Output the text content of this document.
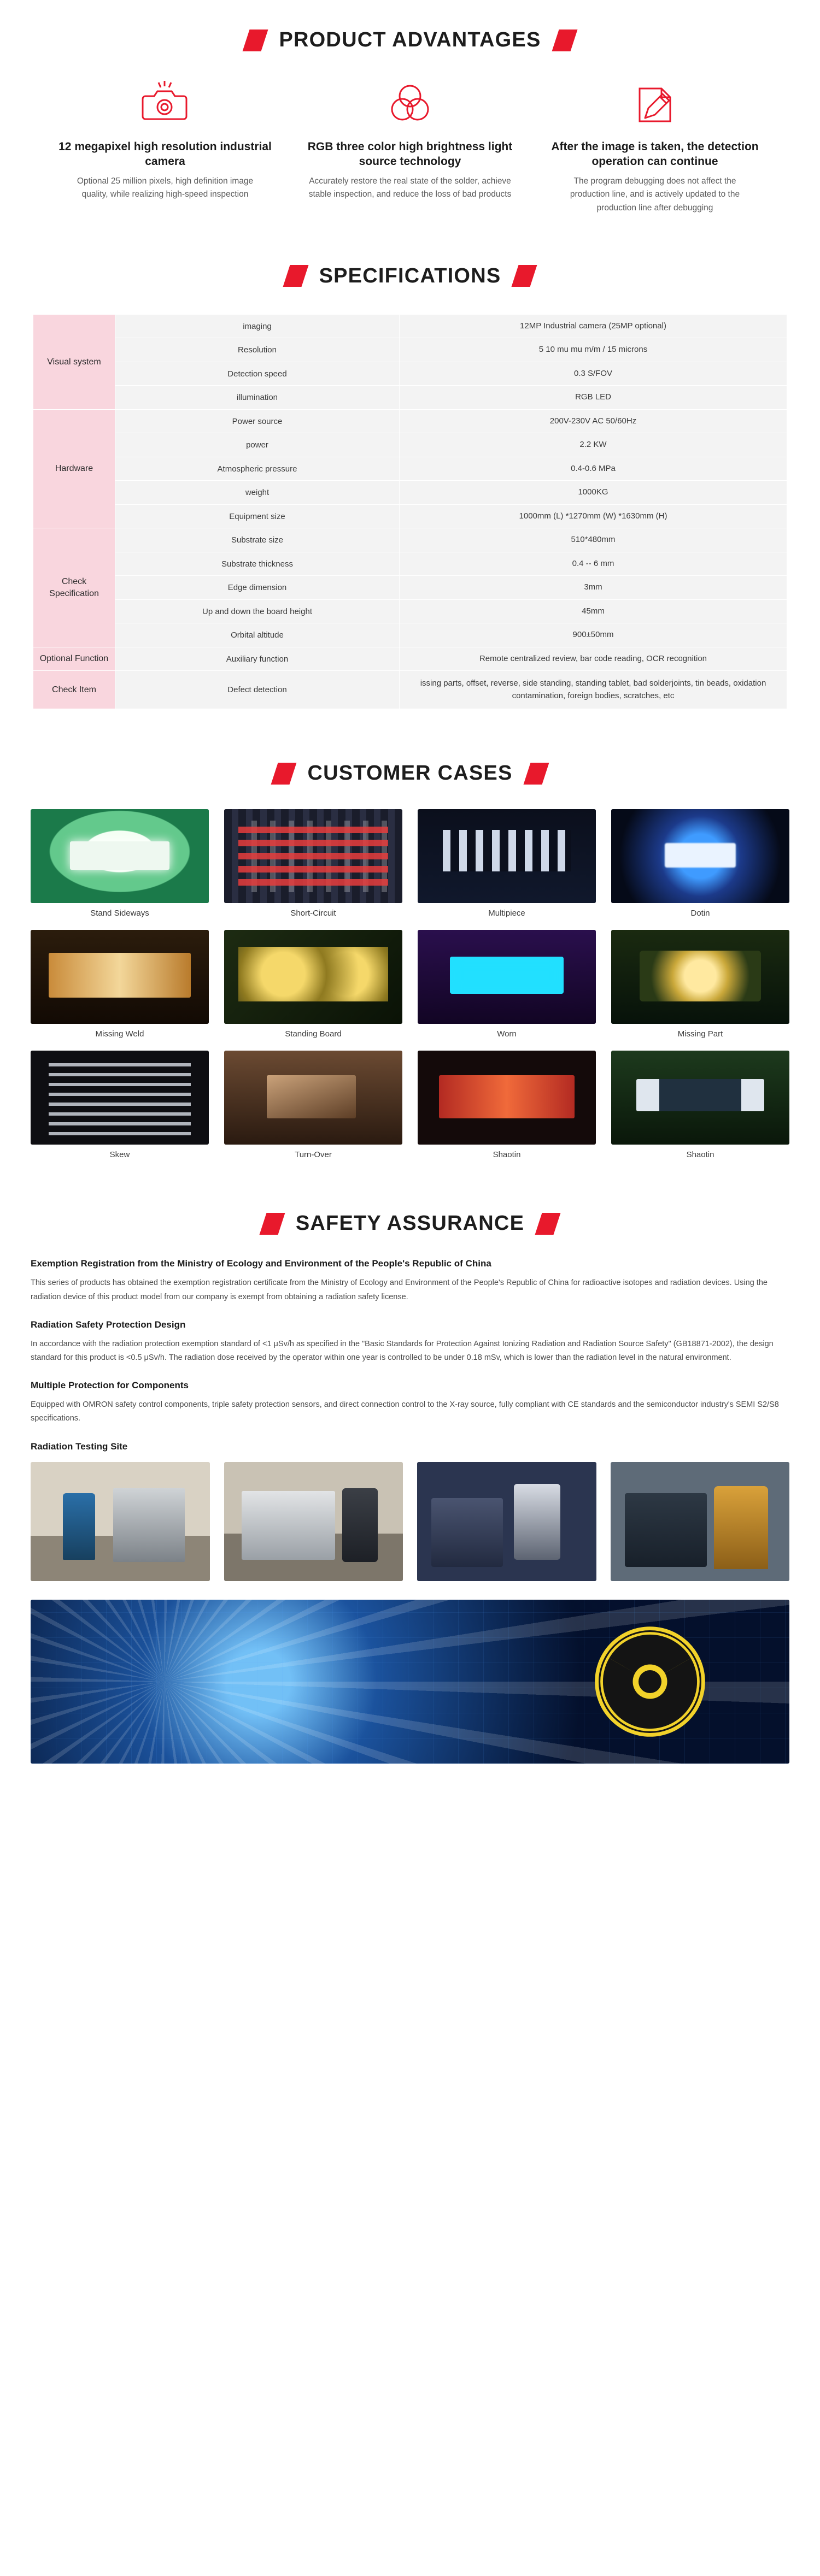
PRODUCT ADVANTAGES
12 megapixel high resolution industrial camera
Optional 25 million pixels, high definition image quality, while realizing high-speed inspection
RGB three color high brightness light source technology
Accurately restore the real state of the solder, achieve stable inspection, and reduce the loss of bad products
After the image is taken, the detection operation can continue
The program debugging does not affect the production line, and is actively updated to the production line after debugging
SPECIFICATIONS
Visual system	imaging	12MP Industrial camera (25MP optional)
	Resolution	5 10 mu mu m/m / 15 microns
	Detection speed	0.3 S/FOV
	illumination	RGB LED
Hardware	Power source	200V-230V AC 50/60Hz
	power	2.2 KW
	Atmospheric pressure	0.4-0.6 MPa
	weight	1000KG
	Equipment size	1000mm (L) *1270mm (W) *1630mm (H)
Check Specification	Substrate size	510*480mm
	Substrate thickness	0.4 -- 6 mm
	Edge dimension	3mm
	Up and down the board height	45mm
	Orbital altitude	900±50mm
Optional Function	Auxiliary function	Remote centralized review, bar code reading, OCR recognition
Check Item	Defect detection	issing parts, offset, reverse, side standing, standing tablet, bad solderjoints, tin beads, oxidation contamination, foreign bodies, scratches, etc
CUSTOMER CASES
Stand Sideways	Short-Circuit	Multipiece	Dotin
Missing Weld	Standing Board	Worn	Missing Part
Skew	Turn-Over	Shaotin	Shaotin
SAFETY ASSURANCE
Exemption Registration from the Ministry of Ecology and Environment of the People's Republic of China
This series of products has obtained the exemption registration certificate from the Ministry of Ecology and Environment of the People's Republic of China for radioactive isotopes and radiation devices. Using the radiation device of this product model from our company is exempt from obtaining a radiation safety license.
Radiation Safety Protection Design
In accordance with the radiation protection exemption standard of <1 μSv/h as specified in the "Basic Standards for Protection Against Ionizing Radiation and Radiation Source Safety" (GB18871-2002), the design standard for this product is <0.5 μSv/h. The radiation dose received by the operator within one year is controlled to be under 0.18 mSv, which is lower than the radiation level in the natural environment.
Multiple Protection for Components
Equipped with OMRON safety control components, triple safety protection sensors, and direct connection control to the X-ray source, fully compliant with CE standards and the semiconductor industry's SEMI S2/S8 specifications.
Radiation Testing Site
